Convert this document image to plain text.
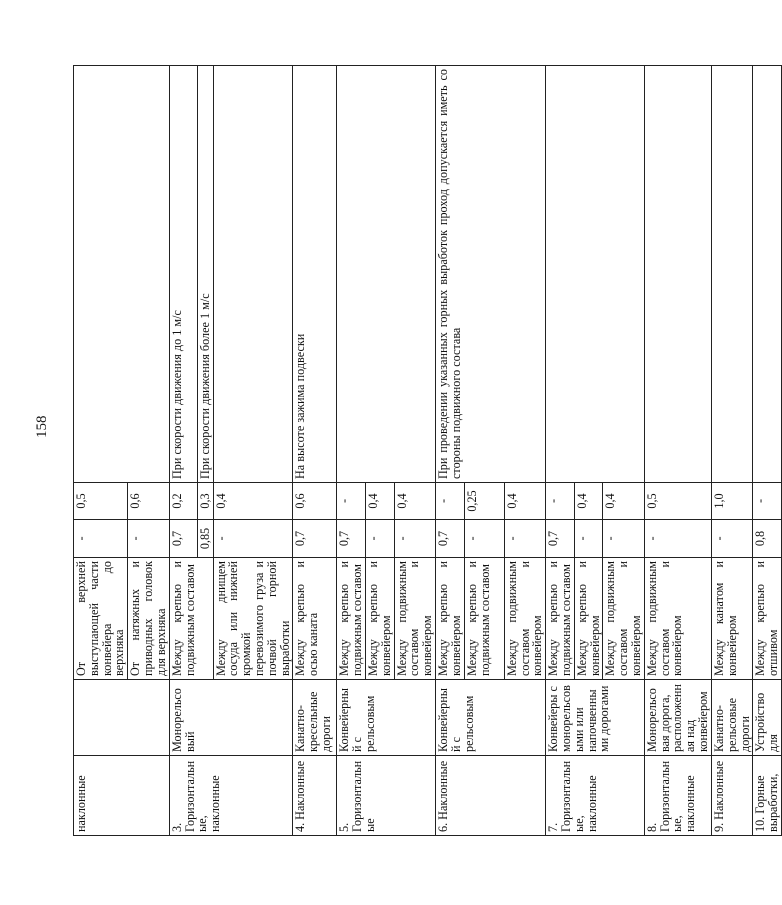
158
наклонные		От верхней выступающей части конвейера до верхняка	-	0,5	
		От натяжных и приводных головок для верхняка	-	0,6	
3. Горизонтальные, наклонные	Монорельсовый	Между крепью и подвижным составом	0,7	0,2	При скорости движения до 1 м/с
			0,85	0,3	При скорости движения более 1 м/с
		Между днищем сосуда или нижней кромкой перевозимого груза и почвой горной выработки	-	0,4	
4. Наклонные	Канатно-кресельные дороги	Между крепью и осью каната	0,7	0,6	На высоте зажима подвески
5. Горизонтальные	Конвейерный с рельсовым	Между крепью и подвижным составом	0,7	-	
		Между крепью и конвейером	-	0,4	
		Между подвижным составом и конвейером	-	0,4	
6. Наклонные	Конвейерный с рельсовым	Между крепью и конвейером	0,7	-	При проведении указанных горных выработок проход допускается иметь со стороны подвижного состава
		Между крепью и подвижным составом	-	0,25	
		Между подвижным составом и конвейером	-	0,4	
7. Горизонтальные, наклонные	Конвейеры с монорельсовыми или напочвенными дорогами	Между крепью и подвижным составом	0,7	-	
		Между крепью и конвейером	-	0,4	
		Между подвижным составом и конвейером	-	0,4	
8. Горизонтальные, наклонные	Монорельсовая дорога, расположенная над конвейером	Между подвижным составом и конвейером	-	0,5	
9. Наклонные	Канатно-рельсовые дороги	Между канатом и конвейером	-	1,0	
10. Горные выработки,	Устройство для	Между крепью и отшивом	0,8	-	
